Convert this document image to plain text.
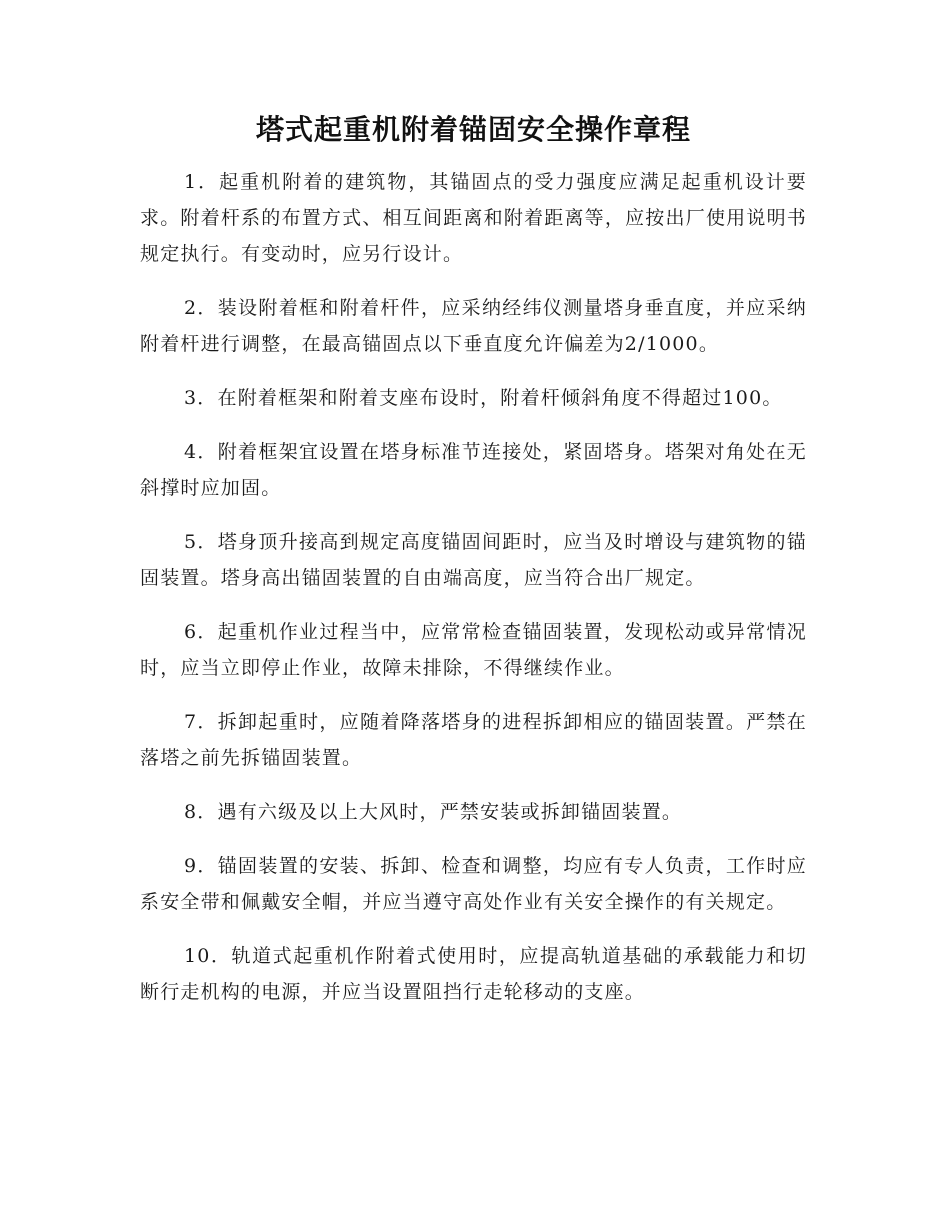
塔式起重机附着锚固安全操作章程

1．起重机附着的建筑物，其锚固点的受力强度应满足起重机设计要求。附着杆系的布置方式、相互间距离和附着距离等，应按出厂使用说明书规定执行。有变动时，应另行设计。

2．装设附着框和附着杆件，应采纳经纬仪测量塔身垂直度，并应采纳附着杆进行调整，在最高锚固点以下垂直度允许偏差为2/1000。

3．在附着框架和附着支座布设时，附着杆倾斜角度不得超过100。

4．附着框架宜设置在塔身标准节连接处，紧固塔身。塔架对角处在无斜撑时应加固。

5．塔身顶升接高到规定高度锚固间距时，应当及时增设与建筑物的锚固装置。塔身高出锚固装置的自由端高度，应当符合出厂规定。

6．起重机作业过程当中，应常常检查锚固装置，发现松动或异常情况时，应当立即停止作业，故障未排除，不得继续作业。

7．拆卸起重时，应随着降落塔身的进程拆卸相应的锚固装置。严禁在落塔之前先拆锚固装置。

8．遇有六级及以上大风时，严禁安装或拆卸锚固装置。

9．锚固装置的安装、拆卸、检查和调整，均应有专人负责，工作时应系安全带和佩戴安全帽，并应当遵守高处作业有关安全操作的有关规定。

10．轨道式起重机作附着式使用时，应提高轨道基础的承载能力和切断行走机构的电源，并应当设置阻挡行走轮移动的支座。
